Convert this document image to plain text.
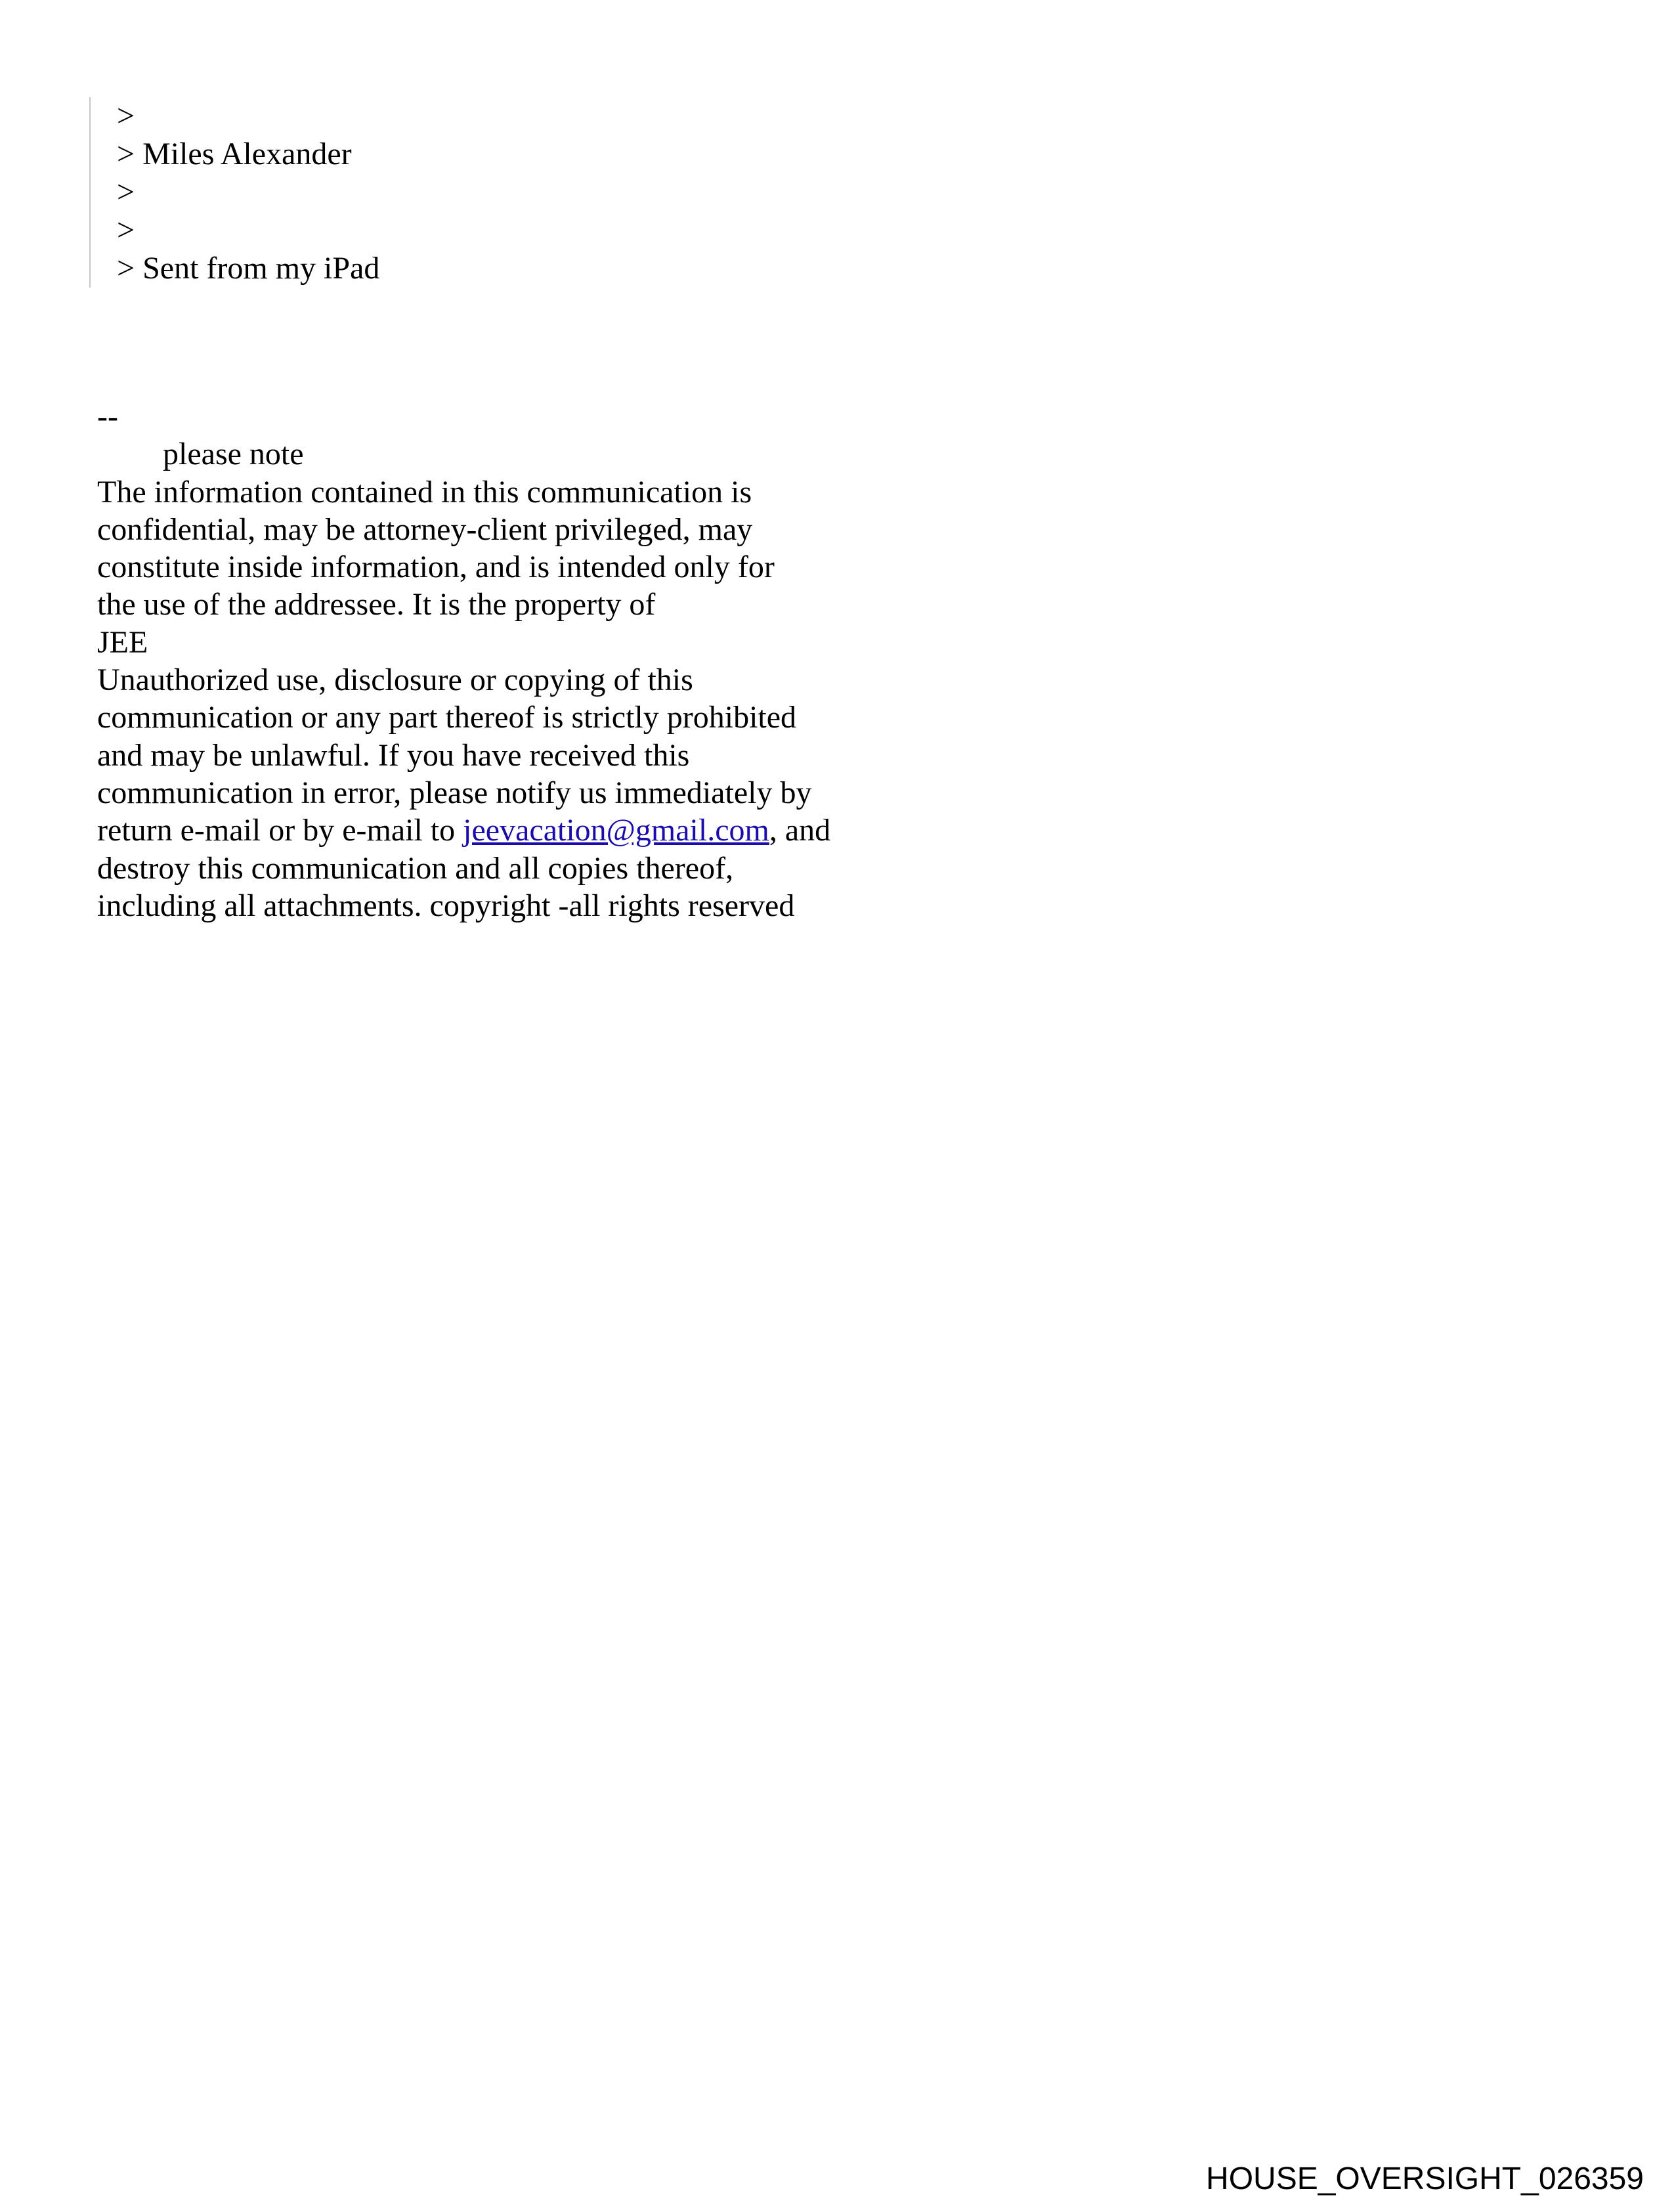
>
> Miles Alexander
>
>
> Sent from my iPad
--
please note
The information contained in this communication is
confidential, may be attorney-client privileged, may
constitute inside information, and is intended only for
the use of the addressee. It is the property of
JEE
Unauthorized use, disclosure or copying of this
communication or any part thereof is strictly prohibited
and may be unlawful. If you have received this
communication in error, please notify us immediately by
return e-mail or by e-mail to jeevacation@gmail.com, and
destroy this communication and all copies thereof,
including all attachments. copyright -all rights reserved
HOUSE_OVERSIGHT_026359
